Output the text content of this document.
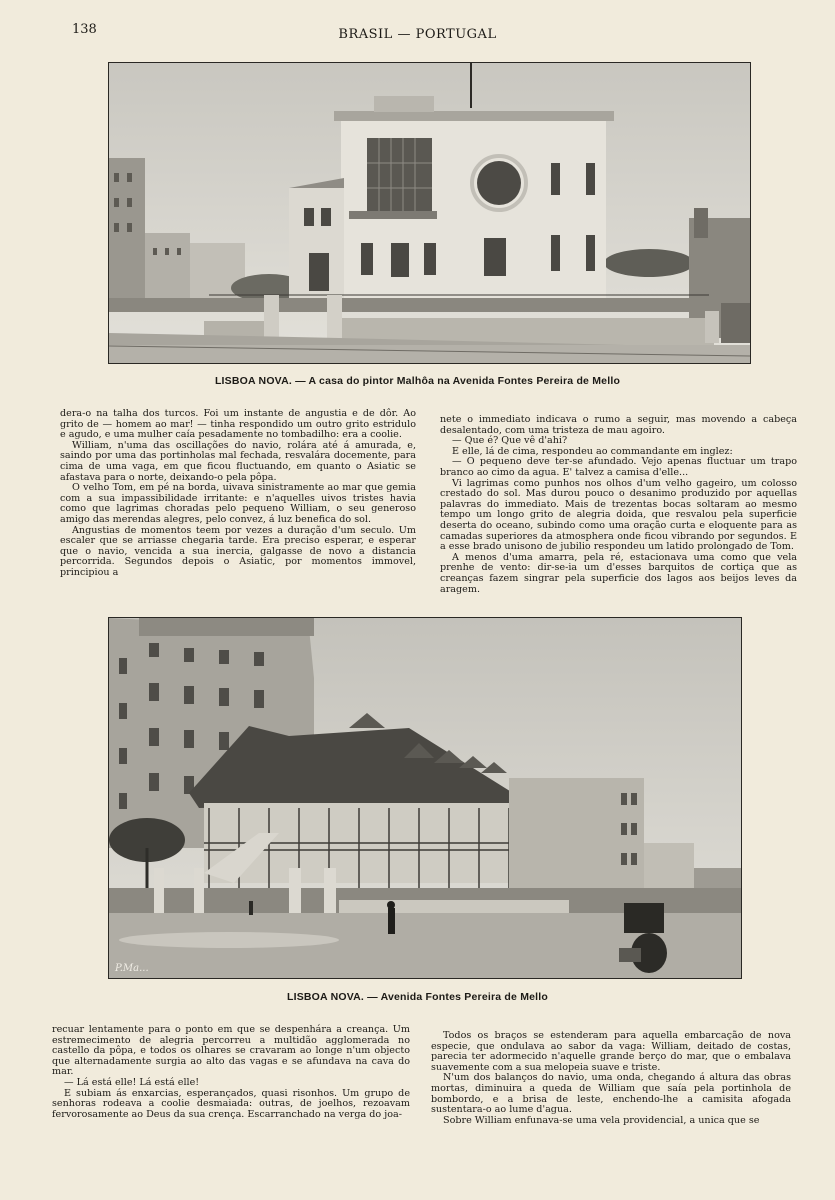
138	BRASIL — PORTUGAL
LISBOA NOVA. — A casa do pintor Malhôa na Avenida Fontes Pereira de Mello

dera-o na talha dos turcos. Foi um instante de angustia e de dôr. Ao grito de — homem ao mar! — tinha respondido um outro grito estridulo e agudo, e uma mulher caía pesadamente no tombadilho: era a coolie.

William, n'uma das oscillações do navio, rolára até á amurada, e, saindo por uma das portinholas mal fechada, resvalára docemente, para cima de uma vaga, em que ficou fluctuando, em quanto o Asiatic se afastava para o norte, deixando-o pela pôpa.

O velho Tom, em pé na borda, uivava sinistramente ao mar que gemia com a sua impassibilidade irritante: e n'aquelles uivos tristes havia como que lagrimas choradas pelo pequeno William, o seu generoso amigo das merendas alegres, pelo convez, á luz benefica do sol.

Angustias de momentos teem por vezes a duração d'um seculo. Um escaler que se arriasse chegaria tarde. Era preciso esperar, e esperar que o navio, vencida a sua inercia, galgasse de novo a distancia percorrida. Segundos depois o Asiatic, por momentos immovel, principiou a

nete o immediato indicava o rumo a seguir, mas movendo a cabeça desalentado, com uma tristeza de mau agoiro.

— Que é? Que vê d'ahi?

E elle, lá de cima, respondeu ao commandante em inglez:

— O pequeno deve ter-se afundado. Vejo apenas fluctuar um trapo branco ao cimo da agua. E' talvez a camisa d'elle...

Vi lagrimas como punhos nos olhos d'um velho gageiro, um colosso crestado do sol. Mas durou pouco o desanimo produzido por aquellas palavras do immediato. Mais de trezentas bocas soltaram ao mesmo tempo um longo grito de alegria doida, que resvalou pela superficie deserta do oceano, subindo como uma oração curta e eloquente para as camadas superiores da atmosphera onde ficou vibrando por segundos. E a esse brado unisono de jubilio respondeu um latido prolongado de Tom.

A menos d'uma amarra, pela ré, estacionava uma como que vela prenhe de vento: dir-se-ia um d'esses barquitos de cortiça que as creanças fazem singrar pela superficie dos lagos aos beijos leves da aragem.

P.Ma...
LISBOA NOVA. — Avenida Fontes Pereira de Mello

recuar lentamente para o ponto em que se despenhára a creança. Um estremecimento de alegria percorreu a multidão agglomerada no castello da pôpa, e todos os olhares se cravaram ao longe n'um objecto que alternadamente surgia ao alto das vagas e se afundava na cava do mar.

— Lá está elle! Lá está elle!

E subiam ás enxarcias, esperançados, quasi risonhos. Um grupo de senhoras rodeava a coolie desmaiada: outras, de joelhos, rezoavam fervorosamente ao Deus da sua crença. Escarranchado na verga do joa-

Todos os braços se estenderam para aquella embarcação de nova especie, que ondulava ao sabor da vaga: William, deitado de costas, parecia ter adormecido n'aquelle grande berço do mar, que o embalava suavemente com a sua melopeia suave e triste.

N'um dos balanços do navio, uma onda, chegando á altura das obras mortas, diminuira a queda de William que saía pela portinhola de bombordo, e a brisa de leste, enchendo-lhe a camisita afogada sustentara-o ao lume d'agua.

Sobre William enfunava-se uma vela providencial, a unica que se
